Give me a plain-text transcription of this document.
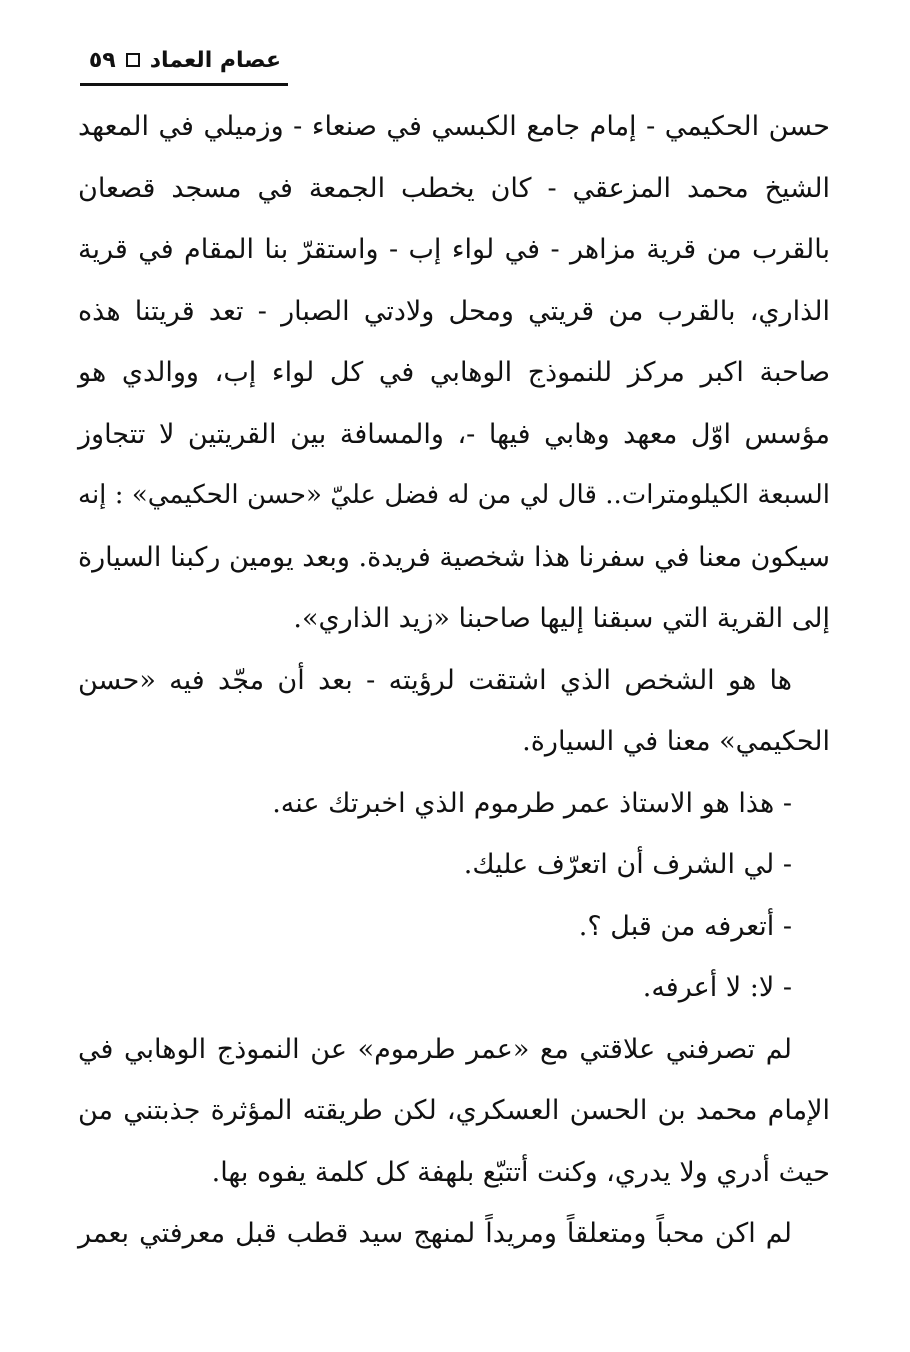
عصام العماد
٥٩
حسن الحكيمي - إمام جامع الكبسي في صنعاء - وزميلي في المعهد
الشيخ محمد المزعقي - كان يخطب الجمعة في مسجد قصعان
بالقرب من قرية مزاهر - في لواء إب - واستقرّ بنا المقام في قرية
الذاري، بالقرب من قريتي ومحل ولادتي الصبار - تعد قريتنا هذه
صاحبة اكبر مركز للنموذج الوهابي في كل لواء إب، ووالدي هو
مؤسس اوّل معهد وهابي فيها -، والمسافة بين القريتين لا تتجاوز
السبعة الكيلومترات.. قال لي من له فضل عليّ «حسن الحكيمي» : إنه
سيكون معنا في سفرنا هذا شخصية فريدة. وبعد يومين ركبنا السيارة
إلى القرية التي سبقنا إليها صاحبنا «زيد الذاري».
ها هو الشخص الذي اشتقت لرؤيته - بعد أن مجّد فيه «حسن
الحكيمي» معنا في السيارة.
- هذا هو الاستاذ عمر طرموم الذي اخبرتك عنه.
- لي الشرف أن اتعرّف عليك.
- أتعرفه من قبل ؟.
- لا: لا أعرفه.
لم تصرفني علاقتي مع «عمر طرموم» عن النموذج الوهابي في
الإمام محمد بن الحسن العسكري، لكن طريقته المؤثرة جذبتني من
حيث أدري ولا يدري، وكنت أتتبّع بلهفة كل كلمة يفوه بها.
لم اكن محباً ومتعلقاً ومريداً لمنهج سيد قطب قبل معرفتي بعمر
